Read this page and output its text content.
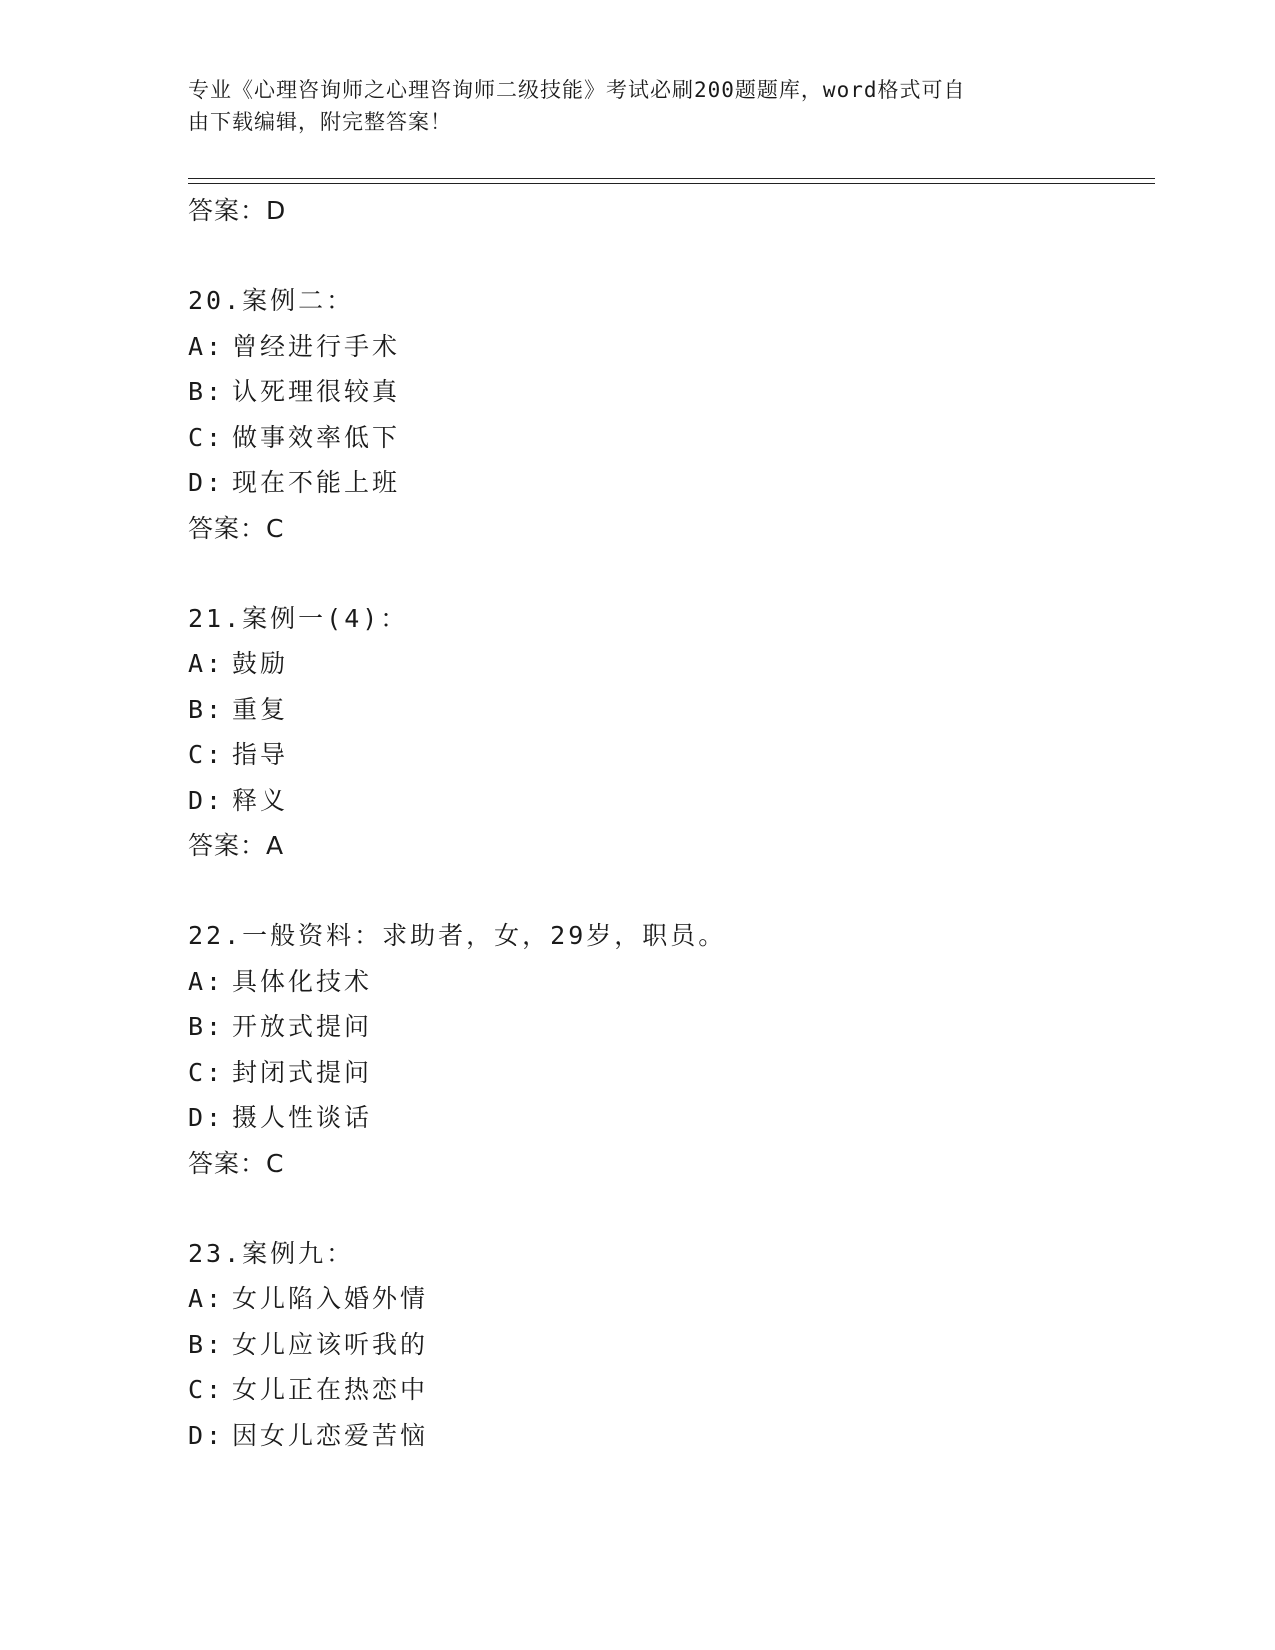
专业《心理咨询师之心理咨询师二级技能》考试必刷200题题库，word格式可自
由下载编辑，附完整答案！
答案：D
20.案例二：
A: 曾经进行手术
B: 认死理很较真
C: 做事效率低下
D: 现在不能上班
答案：C
21.案例一(4)：
A: 鼓励
B: 重复
C: 指导
D: 释义
答案：A
22.一般资料：求助者，女，29岁，职员。
A: 具体化技术
B: 开放式提问
C: 封闭式提问
D: 摄人性谈话
答案：C
23.案例九：
A: 女儿陷入婚外情
B: 女儿应该听我的
C: 女儿正在热恋中
D: 因女儿恋爱苦恼
